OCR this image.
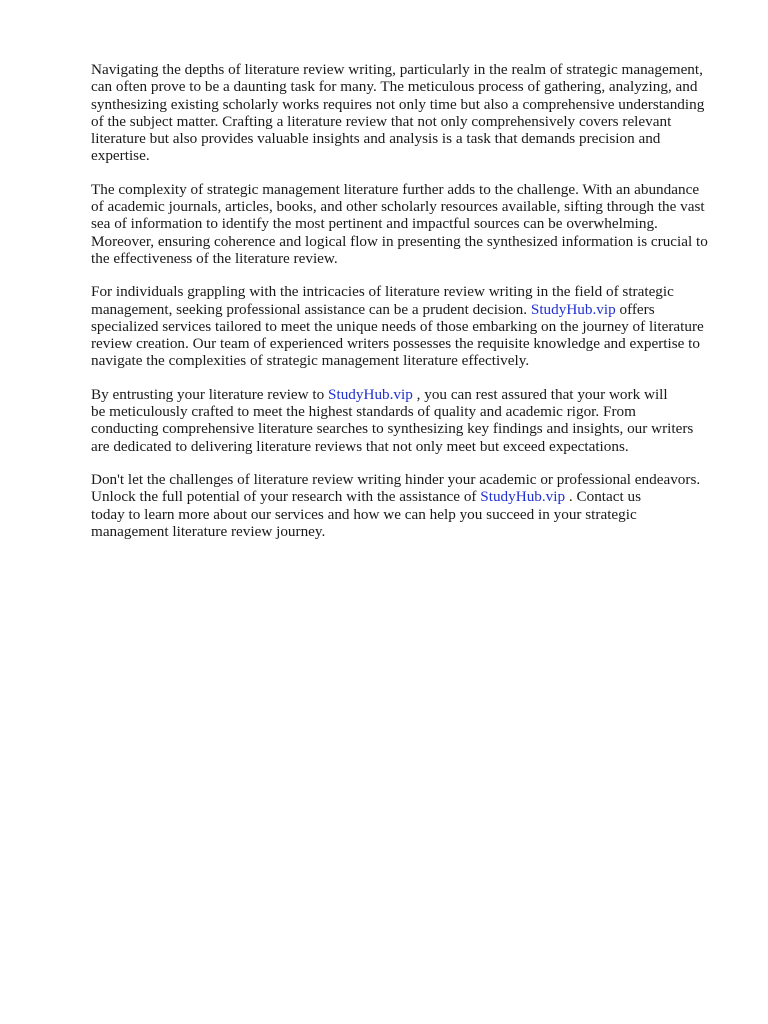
Navigating the depths of literature review writing, particularly in the realm of strategic management,
can often prove to be a daunting task for many. The meticulous process of gathering, analyzing, and
synthesizing existing scholarly works requires not only time but also a comprehensive understanding
of the subject matter. Crafting a literature review that not only comprehensively covers relevant
literature but also provides valuable insights and analysis is a task that demands precision and
expertise.

The complexity of strategic management literature further adds to the challenge. With an abundance
of academic journals, articles, books, and other scholarly resources available, sifting through the vast
sea of information to identify the most pertinent and impactful sources can be overwhelming.
Moreover, ensuring coherence and logical flow in presenting the synthesized information is crucial to
the effectiveness of the literature review.

For individuals grappling with the intricacies of literature review writing in the field of strategic
management, seeking professional assistance can be a prudent decision. StudyHub.vip offers
specialized services tailored to meet the unique needs of those embarking on the journey of literature
review creation. Our team of experienced writers possesses the requisite knowledge and expertise to
navigate the complexities of strategic management literature effectively.

By entrusting your literature review to StudyHub.vip , you can rest assured that your work will
be meticulously crafted to meet the highest standards of quality and academic rigor. From
conducting comprehensive literature searches to synthesizing key findings and insights, our writers
are dedicated to delivering literature reviews that not only meet but exceed expectations.

Don't let the challenges of literature review writing hinder your academic or professional endeavors.
Unlock the full potential of your research with the assistance of StudyHub.vip . Contact us
today to learn more about our services and how we can help you succeed in your strategic
management literature review journey.
